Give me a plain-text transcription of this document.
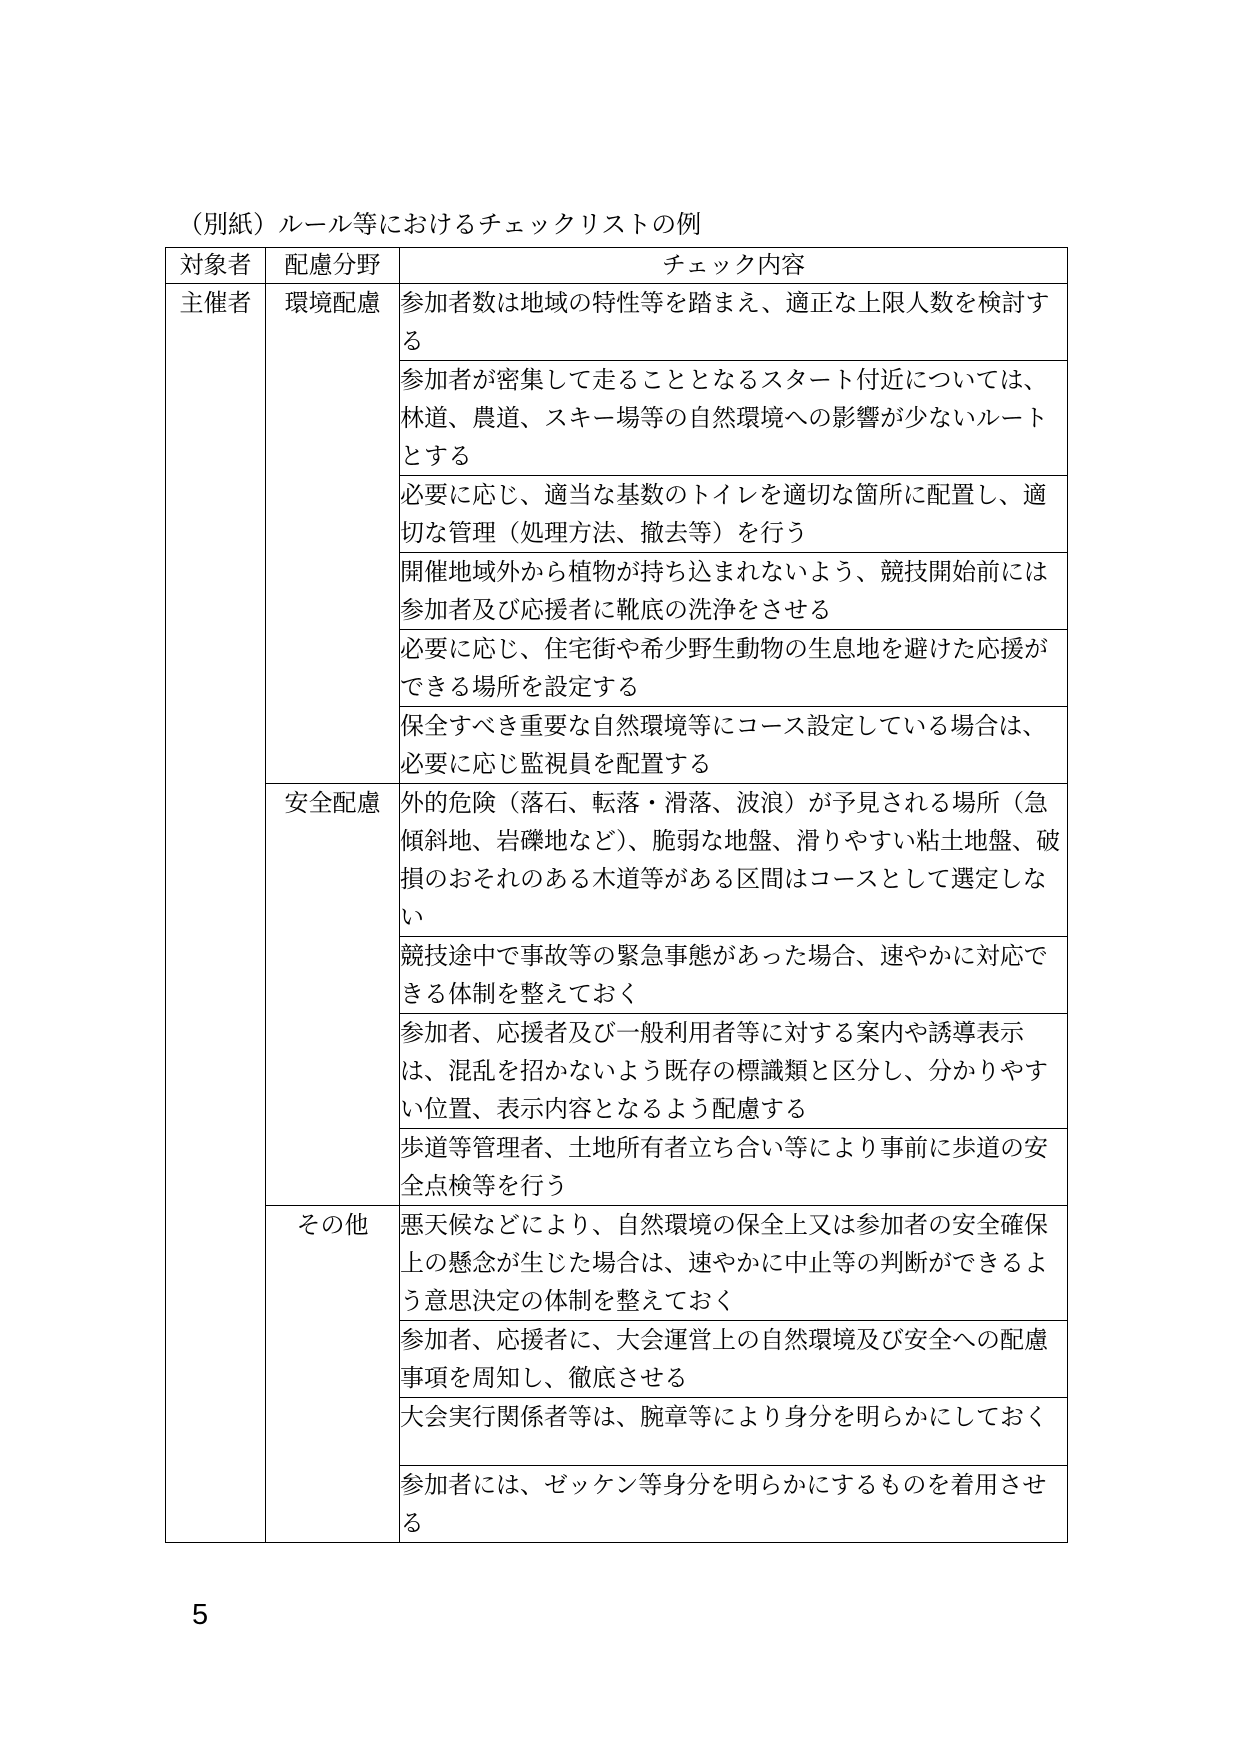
（別紙）ルール等におけるチェックリストの例
対象者	配慮分野	チェック内容
主催者	環境配慮	参加者数は地域の特性等を踏まえ、適正な上限人数を検討する
		参加者が密集して走ることとなるスタート付近については、林道、農道、スキー場等の自然環境への影響が少ないルートとする
		必要に応じ、適当な基数のトイレを適切な箇所に配置し、適切な管理（処理方法、撤去等）を行う
		開催地域外から植物が持ち込まれないよう、競技開始前には参加者及び応援者に靴底の洗浄をさせる
		必要に応じ、住宅街や希少野生動物の生息地を避けた応援ができる場所を設定する
		保全すべき重要な自然環境等にコース設定している場合は、必要に応じ監視員を配置する
	安全配慮	外的危険（落石、転落・滑落、波浪）が予見される場所（急傾斜地、岩礫地など）、脆弱な地盤、滑りやすい粘土地盤、破損のおそれのある木道等がある区間はコースとして選定しない
		競技途中で事故等の緊急事態があった場合、速やかに対応できる体制を整えておく
		参加者、応援者及び一般利用者等に対する案内や誘導表示は、混乱を招かないよう既存の標識類と区分し、分かりやすい位置、表示内容となるよう配慮する
		歩道等管理者、土地所有者立ち合い等により事前に歩道の安全点検等を行う
	その他	悪天候などにより、自然環境の保全上又は参加者の安全確保上の懸念が生じた場合は、速やかに中止等の判断ができるよう意思決定の体制を整えておく
		参加者、応援者に、大会運営上の自然環境及び安全への配慮事項を周知し、徹底させる
		大会実行関係者等は、腕章等により身分を明らかにしておく
		参加者には、ゼッケン等身分を明らかにするものを着用させる
5
